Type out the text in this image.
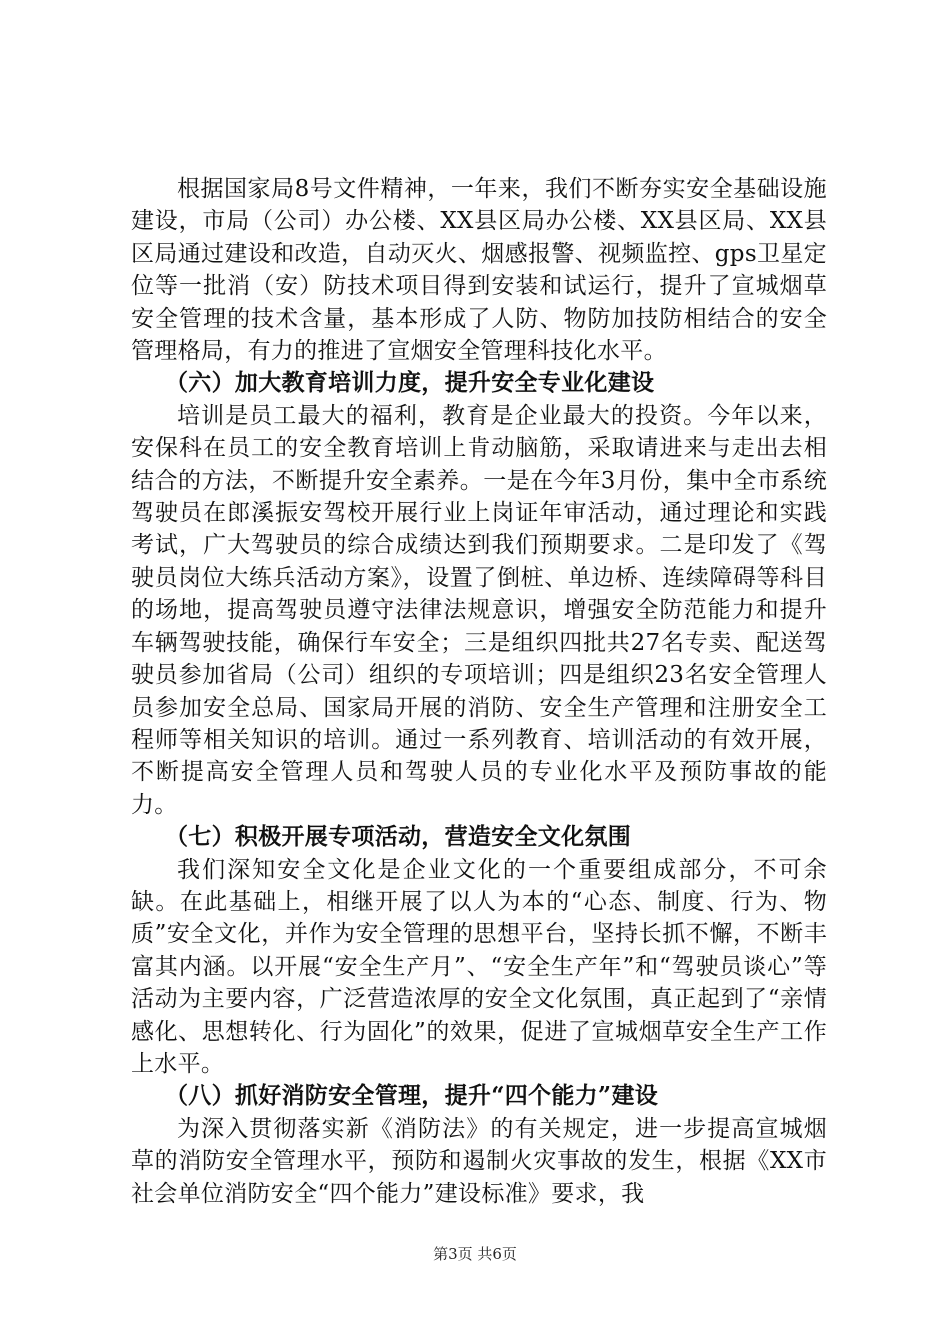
根据国家局8号文件精神，一年来，我们不断夯实安全基础设施建设，市局（公司）办公楼、XX县区局办公楼、XX县区局、XX县区局通过建设和改造，自动灭火、烟感报警、视频监控、gps卫星定位等一批消（安）防技术项目得到安装和试运行，提升了宣城烟草安全管理的技术含量，基本形成了人防、物防加技防相结合的安全管理格局，有力的推进了宣烟安全管理科技化水平。

（六）加大教育培训力度，提升安全专业化建设

培训是员工最大的福利，教育是企业最大的投资。今年以来，安保科在员工的安全教育培训上肯动脑筋，采取请进来与走出去相结合的方法，不断提升安全素养。一是在今年3月份，集中全市系统驾驶员在郎溪振安驾校开展行业上岗证年审活动，通过理论和实践考试，广大驾驶员的综合成绩达到我们预期要求。二是印发了《驾驶员岗位大练兵活动方案》，设置了倒桩、单边桥、连续障碍等科目的场地，提高驾驶员遵守法律法规意识，增强安全防范能力和提升车辆驾驶技能，确保行车安全；三是组织四批共27名专卖、配送驾驶员参加省局（公司）组织的专项培训；四是组织23名安全管理人员参加安全总局、国家局开展的消防、安全生产管理和注册安全工程师等相关知识的培训。通过一系列教育、培训活动的有效开展，不断提高安全管理人员和驾驶人员的专业化水平及预防事故的能力。

（七）积极开展专项活动，营造安全文化氛围

我们深知安全文化是企业文化的一个重要组成部分，不可余缺。在此基础上，相继开展了以人为本的“心态、制度、行为、物质”安全文化，并作为安全管理的思想平台，坚持长抓不懈，不断丰富其内涵。以开展“安全生产月”、“安全生产年”和“驾驶员谈心”等活动为主要内容，广泛营造浓厚的安全文化氛围，真正起到了“亲情感化、思想转化、行为固化”的效果，促进了宣城烟草安全生产工作上水平。

（八）抓好消防安全管理，提升“四个能力”建设

为深入贯彻落实新《消防法》的有关规定，进一步提高宣城烟草的消防安全管理水平，预防和遏制火灾事故的发生，根据《XX市社会单位消防安全“四个能力”建设标准》要求，我

第3页 共6页
